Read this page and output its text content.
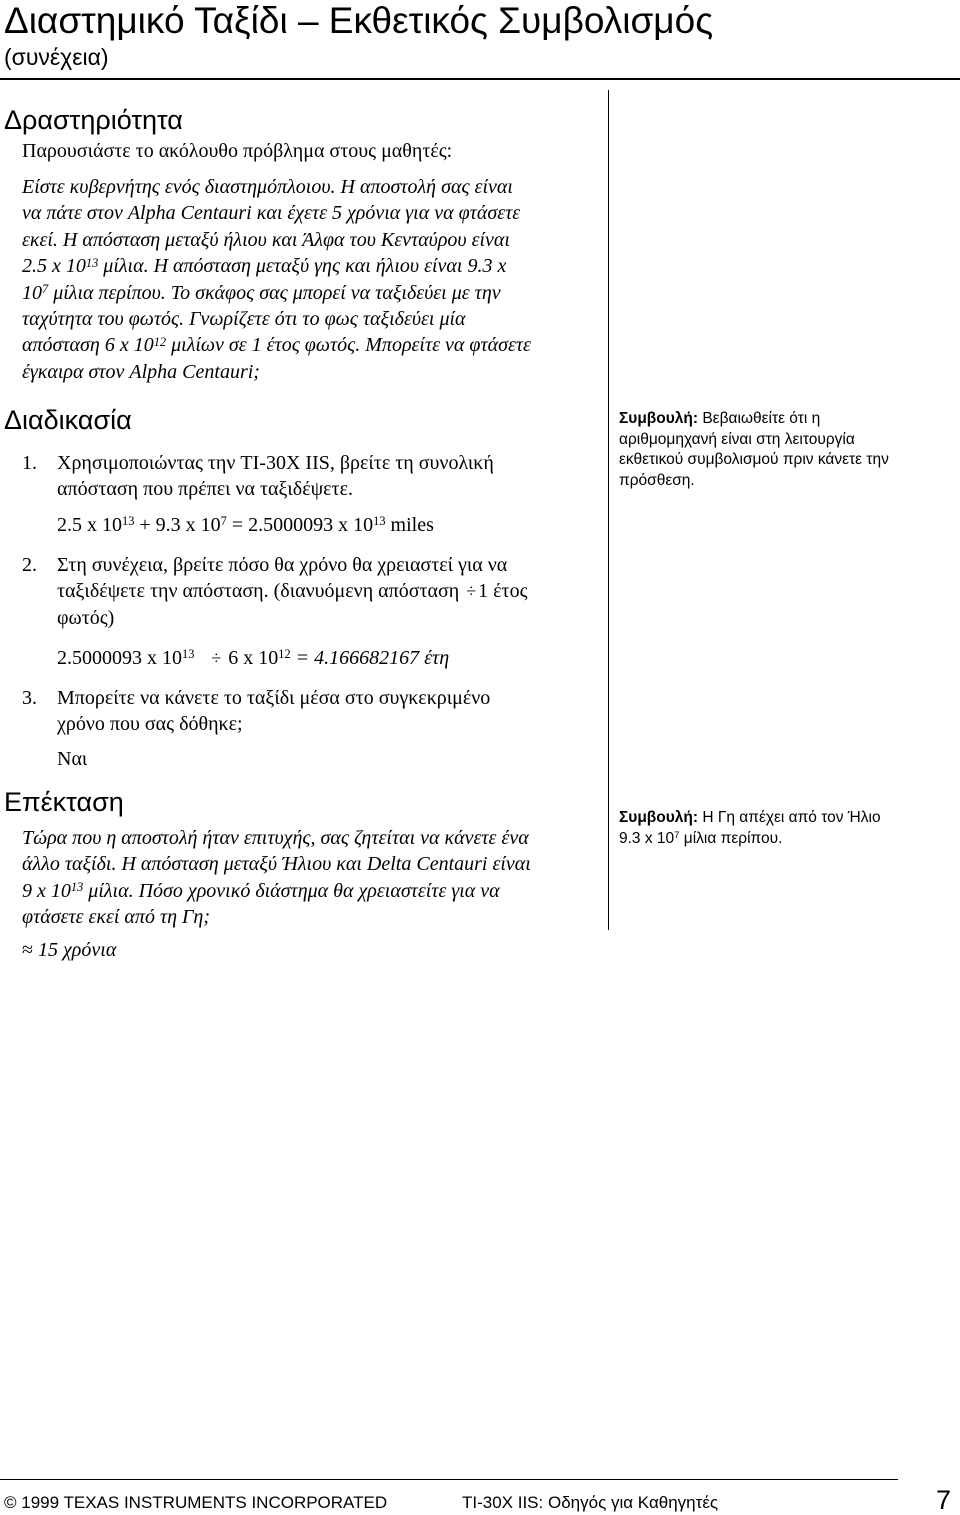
Διαστημικό Ταξίδι – Εκθετικός Συμβολισμός
(συνέχεια)
Δραστηριότητα
Παρουσιάστε το ακόλουθο πρόβλημα στους μαθητές:
Είστε κυβερνήτης ενός διαστημόπλοιου. Η αποστολή σας είναι
να πάτε στον Alpha Centauri και έχετε 5 χρόνια για να φτάσετε
εκεί. Η απόσταση μεταξύ ήλιου και Άλφα του Κενταύρου είναι
2.5 x $10^{13}$ μίλια. Η απόσταση μεταξύ γης και ήλιου είναι 9.3 x
$10^7$ μίλια περίπου. Το σκάφος σας μπορεί να ταξιδεύει με την
ταχύτητα του φωτός. Γνωρίζετε ότι το φως ταξιδεύει μία
απόσταση 6 x $10^{12}$ μιλίων σε 1 έτος φωτός. Μπορείτε να φτάσετε
έγκαιρα στον Alpha Centauri;
Διαδικασία
1. Χρησιμοποιώντας την TI-30X IIS, βρείτε τη συνολική
απόσταση που πρέπει να ταξιδέψετε.
2.5 x $10^{13} + 9.3$ x $10^7 = 2.5000093$ x $10^{13}$ miles
2. Στη συνέχεια, βρείτε πόσο θα χρόνο θα χρειαστεί για να
ταξιδέψετε την απόσταση. (διανυόμενη απόσταση ÷ 1 έτος
φωτός)
2.5000093 x $10^{13} \div 6$ x $10^{12} = 4.166682167$ έτη
3. Μπορείτε να κάνετε το ταξίδι μέσα στο συγκεκριμένο
χρόνο που σας δόθηκε;
Ναι
Επέκταση
Τώρα που η αποστολή ήταν επιτυχής, σας ζητείται να κάνετε ένα
άλλο ταξίδι. Η απόσταση μεταξύ Ήλιου και Delta Centauri είναι
9 x $10^{13}$ μίλια. Πόσο χρονικό διάστημα θα χρειαστείτε για να
φτάσετε εκεί από τη Γη;
≈ 15 χρόνια
Συμβουλή: Βεβαιωθείτε ότι η
αριθμομηχανή είναι στη λειτουργία
εκθετικού συμβολισμού πριν κάνετε την
πρόσθεση.
Συμβουλή: Η Γη απέχει από τον Ήλιο
9.3 x $10^7$ μίλια περίπου.
© 1999 TEXAS INSTRUMENTS INCORPORATED	TI-30X IIS: Οδηγός για Καθηγητές	7
